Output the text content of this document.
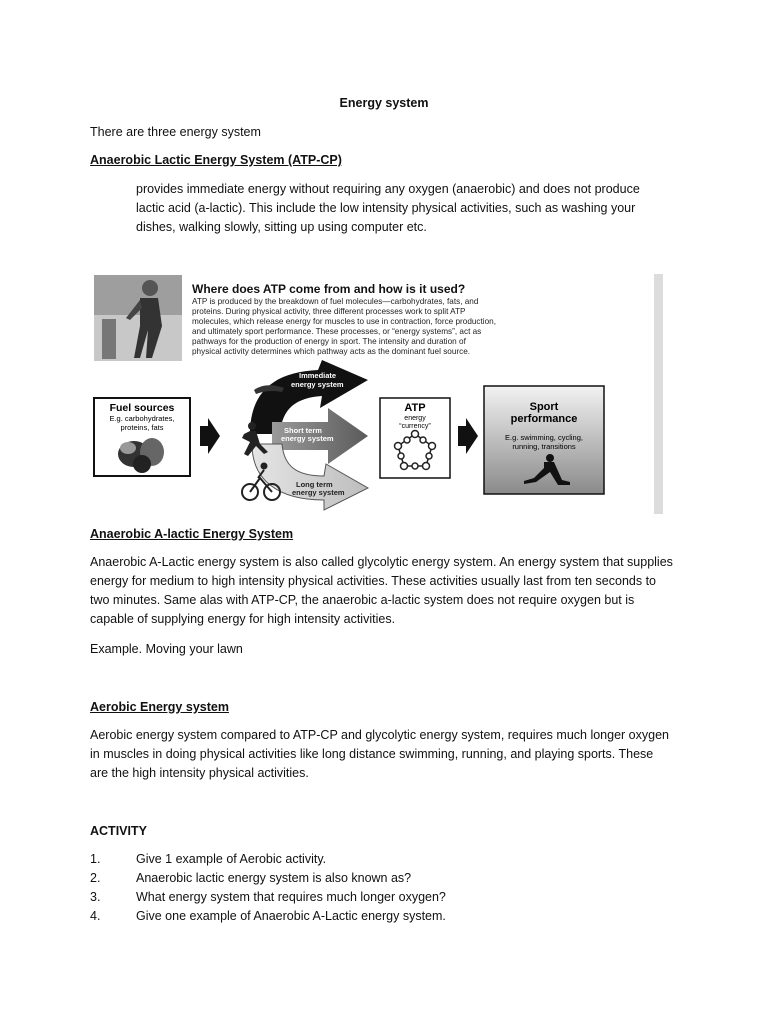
Energy system
There are three energy system
Anaerobic Lactic Energy System (ATP-CP)
provides immediate energy without requiring any oxygen (anaerobic) and does not produce
lactic acid (a-lactic). This include the low intensity physical activities, such as washing your
dishes, walking slowly, sitting up using computer etc.
Where does ATP come from and how is it used?
ATP is produced by the breakdown of fuel molecules—carbohydrates, fats, and
proteins. During physical activity, three different processes work to split ATP
molecules, which release energy for muscles to use in contraction, force production,
and ultimately sport performance. These processes, or “energy systems”, act as
pathways for the production of energy in sport. The intensity and duration of
physical activity determines which pathway acts as the dominant fuel source.
Fuel sources
E.g. carbohydrates,
proteins, fats
Immediate
energy system
Short term
energy system
Long term
energy system
ATP
energy
“currency”
Sport
performance
E.g. swimming, cycling,
running, transitions
Anaerobic A-lactic Energy System
Anaerobic A-Lactic energy system is also called glycolytic energy system. An energy system that supplies
energy for medium to high intensity physical activities. These activities usually last from ten seconds to
two minutes. Same alas with ATP-CP, the anaerobic a-lactic system does not require oxygen but is
capable of supplying energy for high intensity activities.
Example. Moving your lawn
Aerobic Energy system
Aerobic energy system compared to ATP-CP and glycolytic energy system, requires much longer oxygen
in muscles in doing physical activities like long distance swimming, running, and playing sports. These
are the high intensity physical activities.
ACTIVITY
1.	Give 1 example of Aerobic activity.
2.	Anaerobic lactic energy system is also known as?
3.	What energy system that requires much longer oxygen?
4.	Give one example of Anaerobic A-Lactic energy system.
